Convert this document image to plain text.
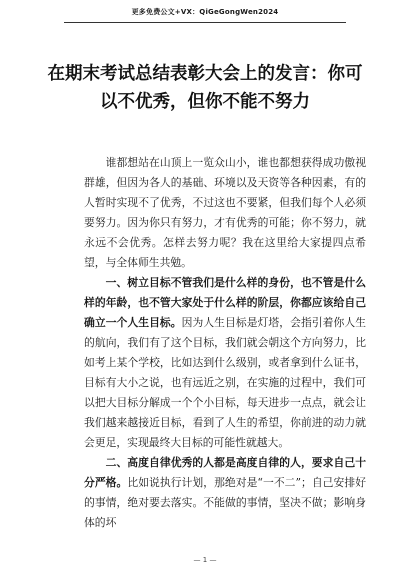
更多免费公文+VX：QiGeGongWen2024
在期末考试总结表彰大会上的发言：你可以不优秀，但你不能不努力

谁都想站在山顶上一览众山小，谁也都想获得成功傲视群雄，但因为各人的基础、环境以及天资等各种因素，有的人暂时实现不了优秀，不过这也不要紧，但我们每个人必须要努力。因为你只有努力，才有优秀的可能；你不努力，就永远不会优秀。怎样去努力呢？我在这里给大家提四点希望，与全体师生共勉。

一、树立目标不管我们是什么样的身份，也不管是什么样的年龄，也不管大家处于什么样的阶层，你都应该给自己确立一个人生目标。因为人生目标是灯塔，会指引着你人生的航向，我们有了这个目标，我们就会朝这个方向努力，比如考上某个学校，比如达到什么级别，或者拿到什么证书，目标有大小之说，也有远近之别，在实施的过程中，我们可以把大目标分解成一个个小目标，每天进步一点点，就会让我们越来越接近目标，看到了人生的希望，你前进的动力就会更足，实现最终大目标的可能性就越大。

二、高度自律优秀的人都是高度自律的人，要求自己十分严格。比如说执行计划，那绝对是“一不二”；自己安排好的事情，绝对要去落实。不能做的事情，坚决不做；影响身体的坏

— 1 —
